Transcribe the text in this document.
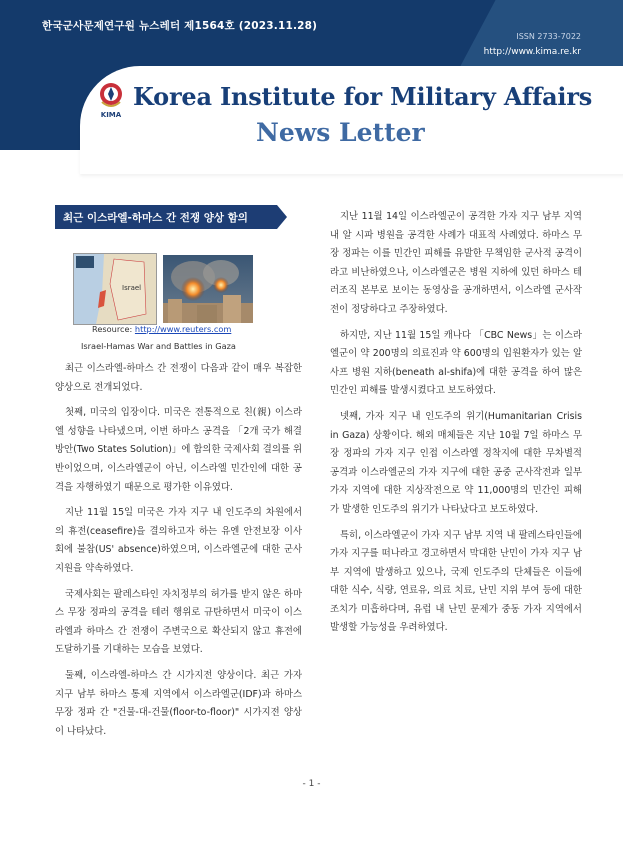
한국군사문제연구원 뉴스레터 제1564호 (2023.11.28)
ISSN 2733-7022
http://www.kima.re.kr
KIMA
Korea Institute for Military Affairs
News Letter
최근 이스라엘-하마스 간 전쟁 양상 함의
Israel
Resource: http://www.reuters.com
Israel-Hamas War and Battles in Gaza

최근 이스라엘-하마스 간 전쟁이 다음과 같이 매우 복잡한 양상으로 전개되었다.

첫째, 미국의 입장이다. 미국은 전통적으로 친(親) 이스라엘 성향을 나타냈으며, 이번 하마스 공격을 「2개 국가 해결방안(Two States Solution)」에 합의한 국제사회 결의를 위반이었으며, 이스라엘군이 아닌, 이스라엘 민간인에 대한 공격을 자행하였기 때문으로 평가한 이유였다.

지난 11월 15일 미국은 가자 지구 내 인도주의 차원에서의 휴전(ceasefire)을 결의하고자 하는 유엔 안전보장 이사회에 불참(US' absence)하였으며, 이스라엘군에 대한 군사지원을 약속하였다.

국제사회는 팔레스타인 자치정부의 허가를 받지 않은 하마스 무장 정파의 공격을 테러 행위로 규탄하면서 미국이 이스라엘과 하마스 간 전쟁이 주변국으로 확산되지 않고 휴전에 도달하기를 기대하는 모습을 보였다.

둘째, 이스라엘-하마스 간 시가지전 양상이다. 최근 가자 지구 남부 하마스 통제 지역에서 이스라엘군(IDF)과 하마스 무장 정파 간 "건물-대-건물(floor-to-floor)" 시가지전 양상이 나타났다.

지난 11월 14일 이스라엘군이 공격한 가자 지구 남부 지역 내 알 시파 병원을 공격한 사례가 대표적 사례였다. 하마스 무장 정파는 이를 민간인 피해를 유발한 무책임한 군사적 공격이라고 비난하였으나, 이스라엘군은 병원 지하에 있던 하마스 테러조직 본부로 보이는 동영상을 공개하면서, 이스라엘 군사작전이 정당하다고 주장하였다.

하지만, 지난 11월 15일 캐나다 「CBC News」는 이스라엘군이 약 200명의 의료진과 약 600명의 입원환자가 있는 알사프 병원 지하(beneath al-shifa)에 대한 공격을 하여 많은 민간인 피해를 발생시켰다고 보도하였다.

넷째, 가자 지구 내 인도주의 위기(Humanitarian Crisis in Gaza) 상황이다. 해외 매체들은 지난 10월 7일 하마스 무장 정파의 가자 지구 인접 이스라엘 정착지에 대한 무차별적 공격과 이스라엘군의 가자 지구에 대한 공중 군사작전과 일부 가자 지역에 대한 지상작전으로 약 11,000명의 민간인 피해가 발생한 인도주의 위기가 나타났다고 보도하였다.

특히, 이스라엘군이 가자 지구 남부 지역 내 팔레스타인들에 가자 지구를 떠나라고 경고하면서 막대한 난민이 가자 지구 남부 지역에 발생하고 있으나, 국제 인도주의 단체들은 이들에 대한 식수, 식량, 연료유, 의료 치료, 난민 지위 부여 등에 대한 조치가 미흡하다며, 유럽 내 난민 문제가 중동 가자 지역에서 발생할 가능성을 우려하였다.

- 1 -
